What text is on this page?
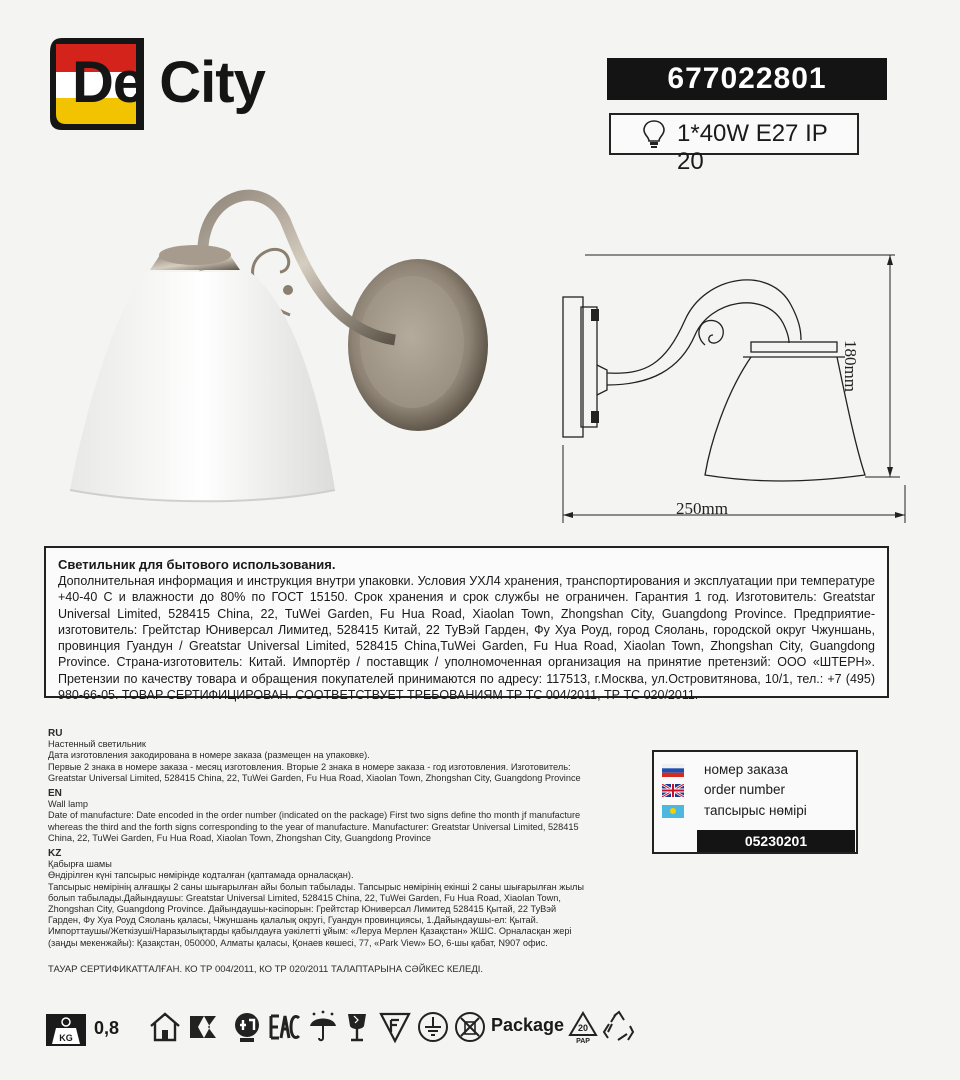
De City	677022801
1*40W E27 IP 20
250mm
180mm
Светильник для бытового использования.
Дополнительная информация и инструкция внутри упаковки. Условия УХЛ4 хранения, транспортирования и эксплуатации при температуре +40-40 С и влажности до 80% по ГОСТ 15150. Срок хранения и срок службы не ограничен. Гарантия 1 год. Изготовитель: Greatstar Universal Limited, 528415 China, 22, TuWei Garden, Fu Hua Road, Xiaolan Town, Zhongshan City, Guangdong Province. Предприятие-изготовитель: Грейтстар Юниверсал Лимитед, 528415 Китай, 22 ТуВэй Гарден, Фу Хуа Роуд, город Сяолань, городской округ Чжуншань, провинция Гуандун / Greatstar Universal Limited, 528415 China,TuWei Garden, Fu Hua Road, Xiaolan Town, Zhongshan City, Guangdong Province. Страна-изготовитель: Китай. Импортёр / поставщик / уполномоченная организация на принятие претензий: ООО «ШТЕРН». Претензии по качеству товара и обращения покупателей принимаются по адресу: 117513, г.Москва, ул.Островитянова, 10/1, тел.: +7 (495) 980-66-05. ТОВАР СЕРТИФИЦИРОВАН. СООТВЕТСТВУЕТ ТРЕБОВАНИЯМ ТР ТС 004/2011, ТР ТС 020/2011.
RU
Настенный светильник
Дата изготовления закодирована в номере заказа (размещен на упаковке).
Первые 2 знака в номере заказа - месяц изготовления. Вторые 2 знака в номере заказа - год изготовления. Изготовитель:
Greatstar Universal Limited, 528415 China, 22, TuWei Garden, Fu Hua Road, Xiaolan Town, Zhongshan City, Guangdong Province
EN
Wall lamp
Date of manufacture: Date encoded in the order number (indicated on the package) First two signs define tho month jf manufacture
whereas the third and the forth signs corresponding to the year of manufacture. Manufacturer: Greatstar Universal Limited, 528415
China, 22, TuWei Garden, Fu Hua Road, Xiaolan Town, Zhongshan City, Guangdong Province
KZ
Қабырға шамы
Өндірілген күні тапсырыс нөмірінде кодталған (қаптамада орналасқан).
Тапсырыс нөмірінің алғашқы 2 саны шығарылған айы болып табылады. Тапсырыс нөмірінің екінші 2 саны шығарылған жылы
болып табылады.Дайындаушы: Greatstar Universal Limited, 528415 China, 22, TuWei Garden, Fu Hua Road, Xiaolan Town,
Zhongshan City, Guangdong Province. Дайындаушы-кәсіпорын: Грейтстар Юниверсал Лимитед 528415 Қытай, 22 ТуВэй
Гарден, Фу Хуа Роуд Сяолань қаласы, Чжуншань қалалық округі, Гуандун провинциясы, 1.Дайындаушы-ел: Қытай.
Импорттаушы/Жеткізуші/Наразылықтарды қабылдауға уәкілетті ұйым: «Леруа Мерлен Қазақстан» ЖШС. Орналасқан жері
(заңды мекенжайы): Қазақстан, 050000, Алматы қаласы, Қонаев көшесі, 77, «Park View» БО, 6-шы қабат, N907 офис.
ТАУАР СЕРТИФИКАТТАЛҒАН. КО ТР 004/2011, КО ТР 020/2011 ТАЛАПТАРЫНА СӘЙКЕС КЕЛЕДІ.
номер заказа
order number
тапсырыс нөмірі
05230201
KG 0,8	Package 20
PAP
